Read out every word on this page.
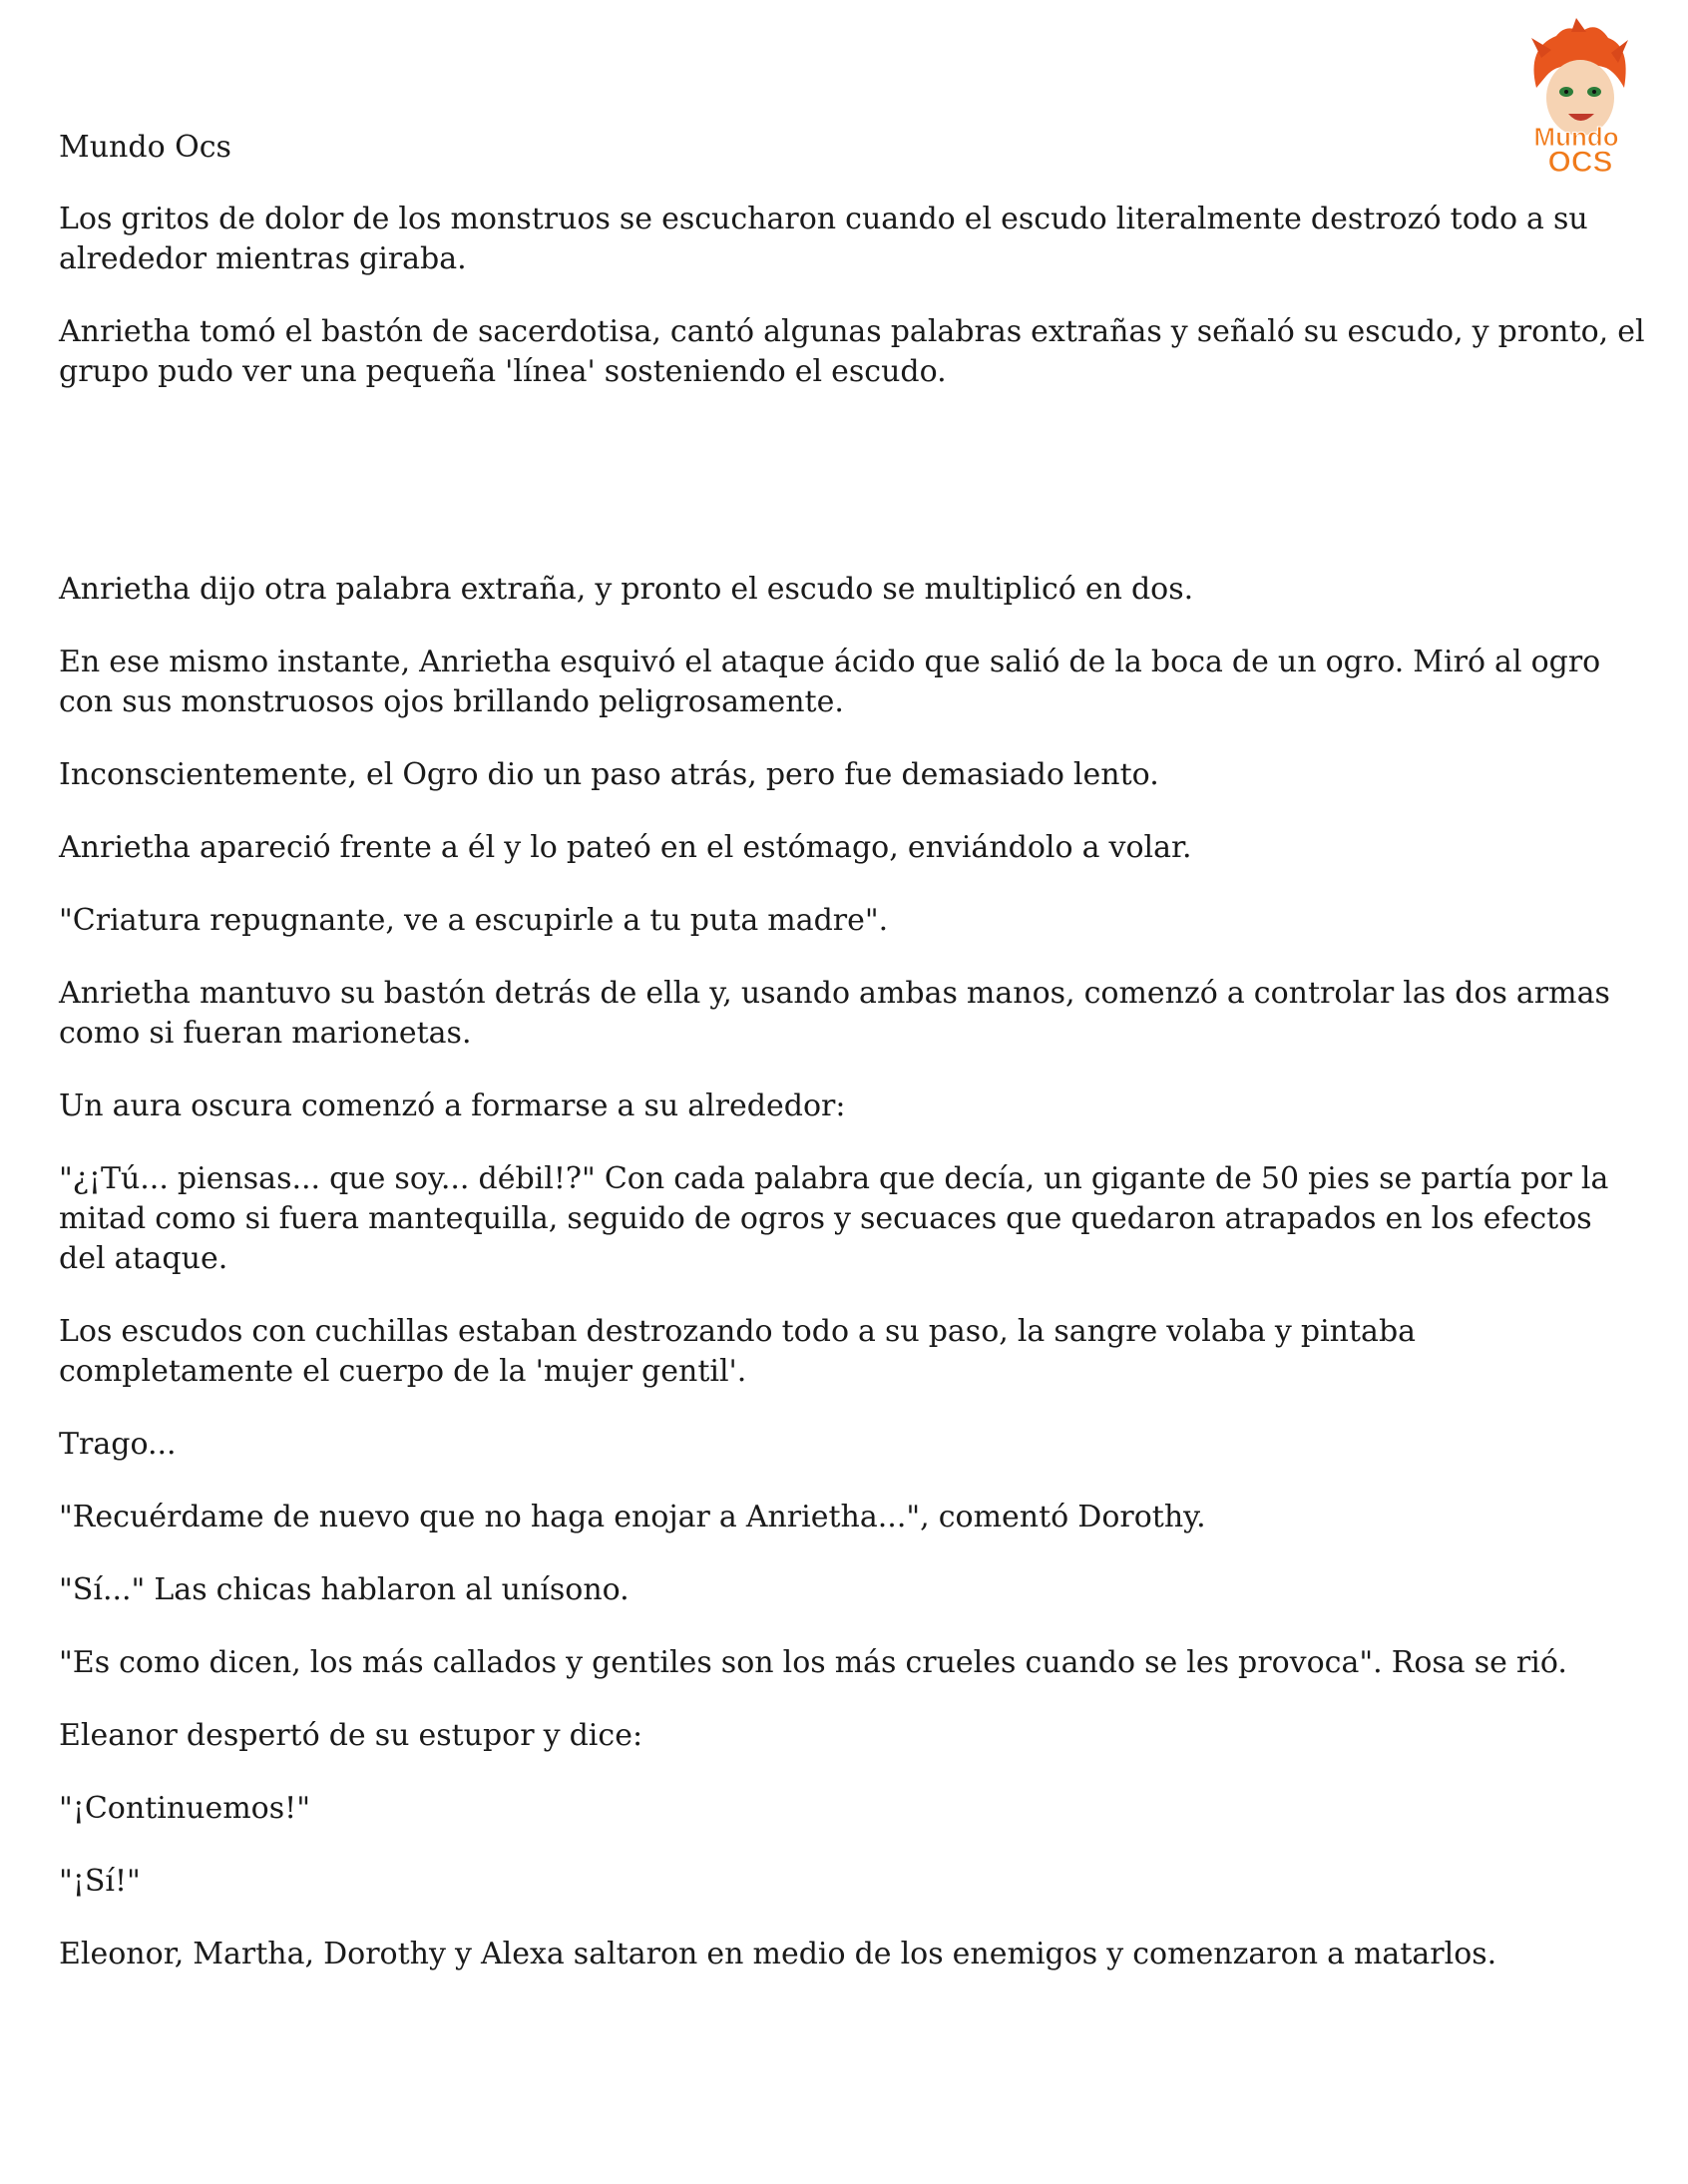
Mundo
OCS
Mundo Ocs

Los gritos de dolor de los monstruos se escucharon cuando el escudo literalmente destrozó todo a su alrededor mientras giraba.

Anrietha tomó el bastón de sacerdotisa, cantó algunas palabras extrañas y señaló su escudo, y pronto, el grupo pudo ver una pequeña 'línea' sosteniendo el escudo.

Anrietha dijo otra palabra extraña, y pronto el escudo se multiplicó en dos.

En ese mismo instante, Anrietha esquivó el ataque ácido que salió de la boca de un ogro. Miró al ogro con sus monstruosos ojos brillando peligrosamente.

Inconscientemente, el Ogro dio un paso atrás, pero fue demasiado lento.

Anrietha apareció frente a él y lo pateó en el estómago, enviándolo a volar.

"Criatura repugnante, ve a escupirle a tu puta madre".

Anrietha mantuvo su bastón detrás de ella y, usando ambas manos, comenzó a controlar las dos armas como si fueran marionetas.

Un aura oscura comenzó a formarse a su alrededor:

"¿¡Tú... piensas... que soy... débil!?" Con cada palabra que decía, un gigante de 50 pies se partía por la mitad como si fuera mantequilla, seguido de ogros y secuaces que quedaron atrapados en los efectos del ataque.

Los escudos con cuchillas estaban destrozando todo a su paso, la sangre volaba y pintaba completamente el cuerpo de la 'mujer gentil'.

Trago...

"Recuérdame de nuevo que no haga enojar a Anrietha...", comentó Dorothy.

"Sí..." Las chicas hablaron al unísono.

"Es como dicen, los más callados y gentiles son los más crueles cuando se les provoca". Rosa se rió.

Eleanor despertó de su estupor y dice:

"¡Continuemos!"

"¡Sí!"

Eleonor, Martha, Dorothy y Alexa saltaron en medio de los enemigos y comenzaron a matarlos.
